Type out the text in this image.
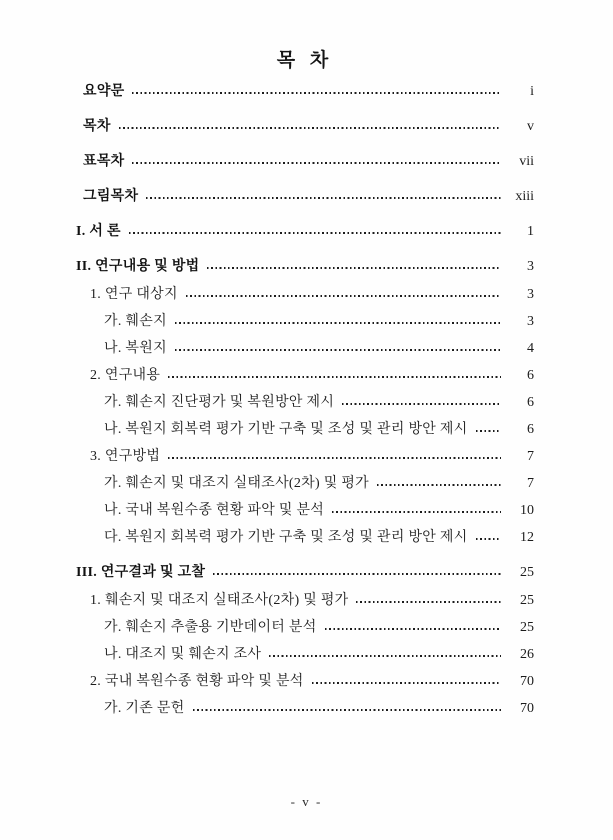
목 차
요약문	i
목차	v
표목차	vii
그림목차	xiii
I. 서 론	1
II. 연구내용 및 방법	3
1. 연구 대상지	3
가. 훼손지	3
나. 복원지	4
2. 연구내용	6
가. 훼손지 진단평가 및 복원방안 제시	6
나. 복원지 회복력 평가 기반 구축 및 조성 및 관리 방안 제시	6
3. 연구방법	7
가. 훼손지 및 대조지 실태조사(2차) 및 평가	7
나. 국내 복원수종 현황 파악 및 분석	10
다. 복원지 회복력 평가 기반 구축 및 조성 및 관리 방안 제시	12
III. 연구결과 및 고찰	25
1. 훼손지 및 대조지 실태조사(2차) 및 평가	25
가. 훼손지 추출용 기반데이터 분석	25
나. 대조지 및 훼손지 조사	26
2. 국내 복원수종 현황 파악 및 분석	70
가. 기존 문헌	70
- v -
